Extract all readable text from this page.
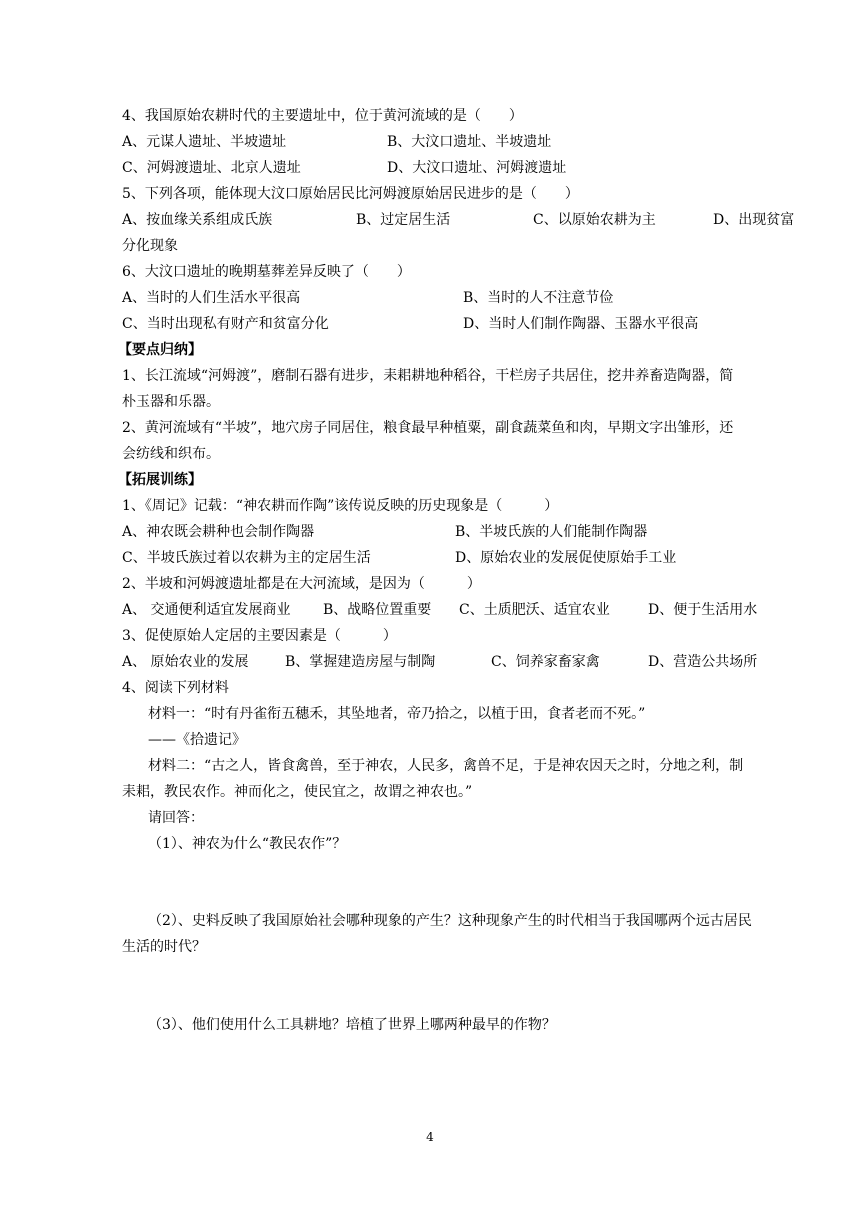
4、我国原始农耕时代的主要遗址中，位于黄河流域的是（　　）
A、元谋人遗址、半坡遗址	B、大汶口遗址、半坡遗址
C、河姆渡遗址、北京人遗址	D、大汶口遗址、河姆渡遗址
5、下列各项，能体现大汶口原始居民比河姆渡原始居民进步的是（　　）
A、按血缘关系组成氏族	B、过定居生活	C、以原始农耕为主	D、出现贫富
分化现象
6、大汶口遗址的晚期墓葬差异反映了（　　）
A、当时的人们生活水平很高	B、当时的人不注意节俭
C、当时出现私有财产和贫富分化	D、当时人们制作陶器、玉器水平很高
【要点归纳】
1、长江流域“河姆渡”，磨制石器有进步，耒耜耕地种稻谷，干栏房子共居住，挖井养畜造陶器，简
朴玉器和乐器。
2、黄河流域有“半坡”，地穴房子同居住，粮食最早种植粟，副食蔬菜鱼和肉，早期文字出雏形，还
会纺线和织布。
【拓展训练】
1、《周记》记载：“神农耕而作陶”该传说反映的历史现象是（　　　）
A、神农既会耕种也会制作陶器	B、半坡氏族的人们能制作陶器
C、半坡氏族过着以农耕为主的定居生活	D、原始农业的发展促使原始手工业
2、半坡和河姆渡遗址都是在大河流域，是因为（　　　）
A、 交通便利适宜发展商业 B、战略位置重要 C、土质肥沃、适宜农业	D、便于生活用水
3、促使原始人定居的主要因素是（　　　）
A、 原始农业的发展	B、掌握建造房屋与制陶	C、饲养家畜家禽	D、营造公共场所
4、阅读下列材料
材料一：“时有丹雀衔五穗禾，其坠地者，帝乃拾之，以植于田，食者老而不死。”
——《拾遗记》
材料二：“古之人，皆食禽兽，至于神农，人民多，禽兽不足，于是神农因天之时，分地之利，制
耒耜，教民农作。神而化之，使民宜之，故谓之神农也。”
请回答：
（1）、神农为什么“教民农作”？
（2）、史料反映了我国原始社会哪种现象的产生？这种现象产生的时代相当于我国哪两个远古居民
生活的时代？
（3）、他们使用什么工具耕地？培植了世界上哪两种最早的作物？
4
